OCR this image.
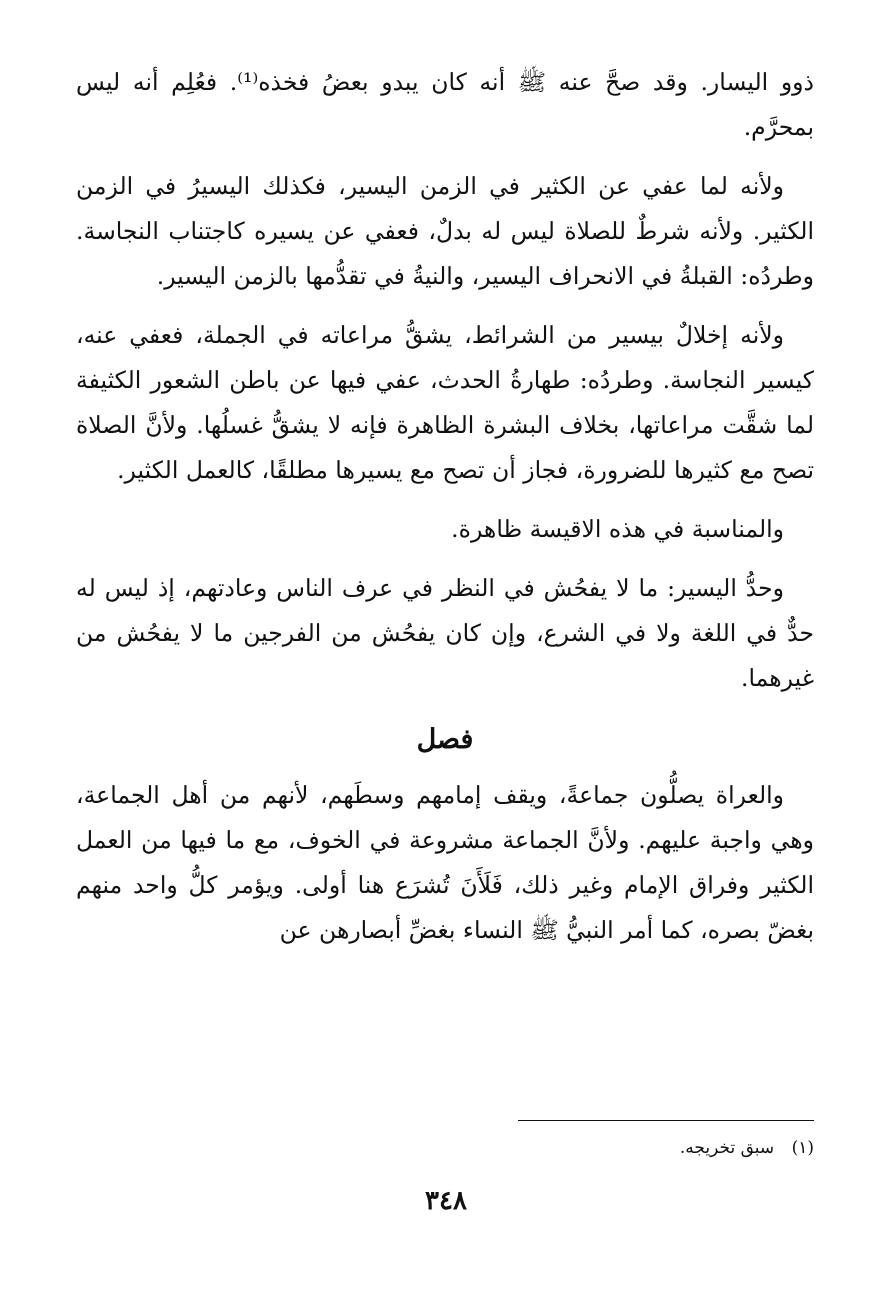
ذوو اليسار. وقد صحَّ عنه ﷺ أنه كان يبدو بعضُ فخذه⁽¹⁾. فعُلِم أنه ليس بمحرَّم.

ولأنه لما عفي عن الكثير في الزمن اليسير، فكذلك اليسيرُ في الزمن الكثير. ولأنه شرطٌ للصلاة ليس له بدلٌ، فعفي عن يسيره كاجتناب النجاسة. وطردُه: القبلةُ في الانحراف اليسير، والنيةُ في تقدُّمها بالزمن اليسير.

ولأنه إخلالٌ بيسير من الشرائط، يشقُّ مراعاته في الجملة، فعفي عنه، كيسير النجاسة. وطردُه: طهارةُ الحدث، عفي فيها عن باطن الشعور الكثيفة لما شقَّت مراعاتها، بخلاف البشرة الظاهرة فإنه لا يشقُّ غسلُها. ولأنَّ الصلاة تصح مع كثيرها للضرورة، فجاز أن تصح مع يسيرها مطلقًا، كالعمل الكثير.

والمناسبة في هذه الاقيسة ظاهرة.

وحدُّ اليسير: ما لا يفحُش في النظر في عرف الناس وعادتهم، إذ ليس له حدٌّ في اللغة ولا في الشرع، وإن كان يفحُش من الفرجين ما لا يفحُش من غيرهما.

فصل

والعراة يصلُّون جماعةً، ويقف إمامهم وسطَهم، لأنهم من أهل الجماعة، وهي واجبة عليهم. ولأنَّ الجماعة مشروعة في الخوف، مع ما فيها من العمل الكثير وفراق الإمام وغير ذلك، فَلَأَنَ تُشرَع هنا أولى. ويؤمر كلُّ واحد منهم بغضّ بصره، كما أمر النبيُّ ﷺ النساء بغضِّ أبصارهن عن

(١) سبق تخريجه.
٣٤٨
